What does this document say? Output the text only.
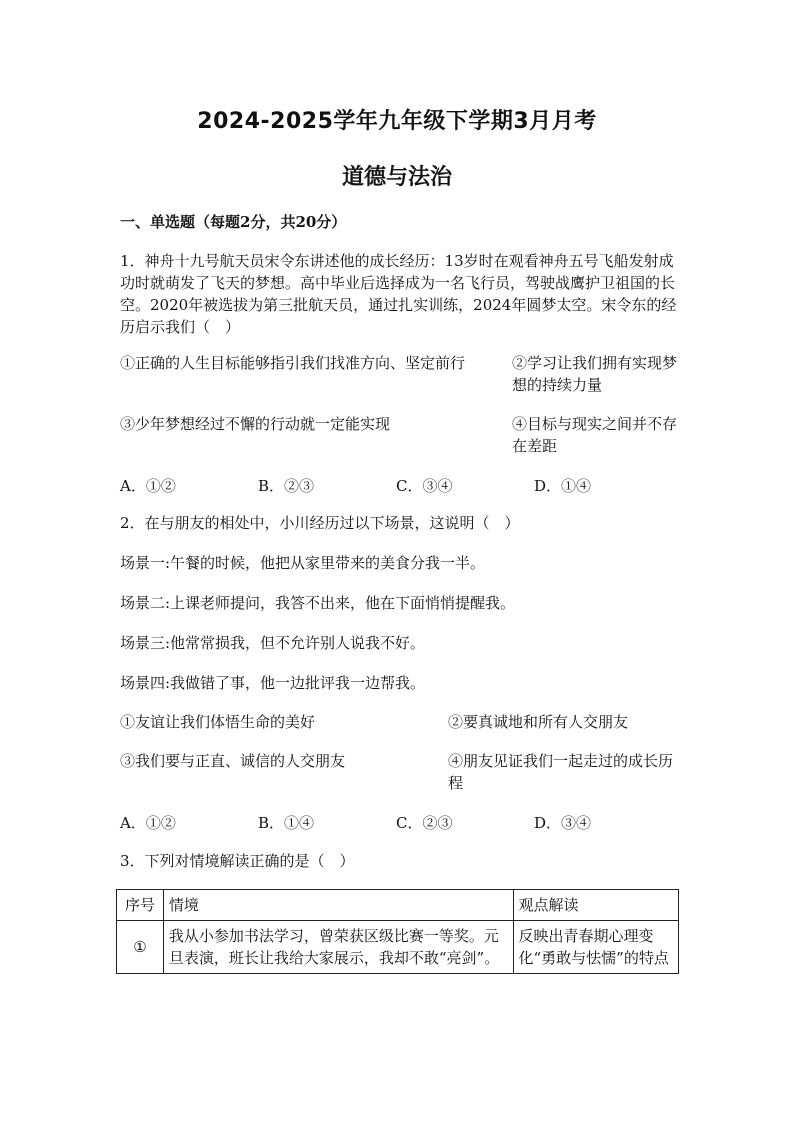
2024-2025学年九年级下学期3月月考
道德与法治
一、单选题（每题2分，共20分）
1．神舟十九号航天员宋令东讲述他的成长经历：13岁时在观看神舟五号飞船发射成功时就萌发了飞天的梦想。高中毕业后选择成为一名飞行员，驾驶战鹰护卫祖国的长空。2020年被选拔为第三批航天员，通过扎实训练，2024年圆梦太空。宋令东的经历启示我们（　）
①正确的人生目标能够指引我们找准方向、坚定前行	②学习让我们拥有实现梦想的持续力量
③少年梦想经过不懈的行动就一定能实现	④目标与现实之间并不存在差距
A．①②	B．②③	C．③④	D．①④
2．在与朋友的相处中，小川经历过以下场景，这说明（　）
场景一:午餐的时候，他把从家里带来的美食分我一半。
场景二:上课老师提问，我答不出来，他在下面悄悄提醒我。
场景三:他常常损我，但不允许别人说我不好。
场景四:我做错了事，他一边批评我一边帮我。
①友谊让我们体悟生命的美好	②要真诚地和所有人交朋友
③我们要与正直、诚信的人交朋友	④朋友见证我们一起走过的成长历程
A．①②	B．①④	C．②③	D．③④
3．下列对情境解读正确的是（　）
序号	情境	观点解读
①	我从小参加书法学习，曾荣获区级比赛一等奖。元旦表演，班长让我给大家展示，我却不敢“亮剑”。	反映出青春期心理变化“勇敢与怯懦”的特点
